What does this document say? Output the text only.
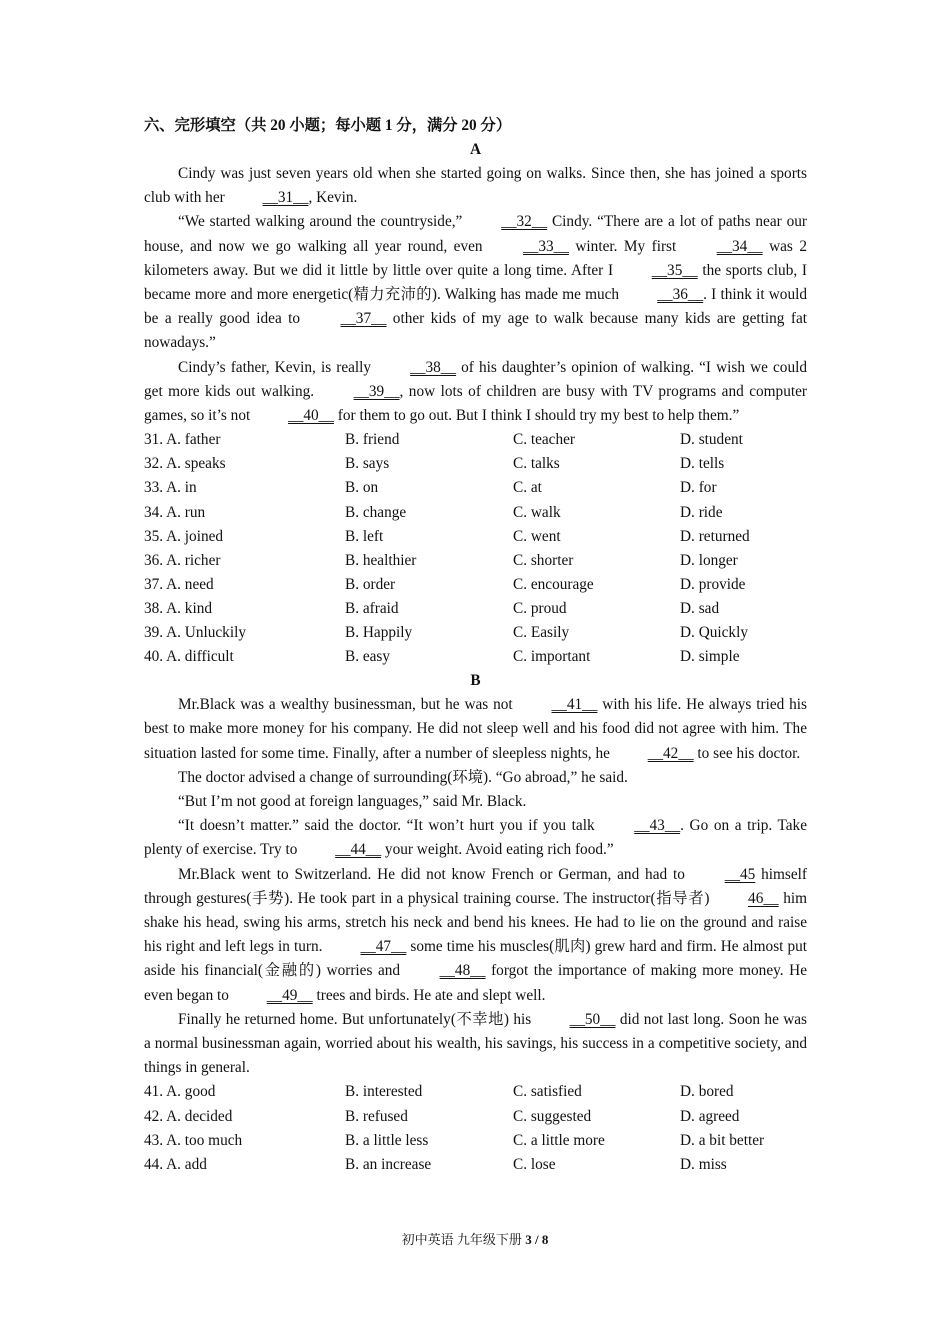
六、完形填空（共 20 小题；每小题 1 分，满分 20 分）

A

Cindy was just seven years old when she started going on walks. Since then, she has joined a sports club with her __31__, Kevin.

“We started walking around the countryside,” __32__ Cindy. “There are a lot of paths near our house, and now we go walking all year round, even __33__ winter. My first __34__ was 2 kilometers away. But we did it little by little over quite a long time. After I __35__ the sports club, I became more and more energetic(精力充沛的). Walking has made me much __36__. I think it would be a really good idea to __37__ other kids of my age to walk because many kids are getting fat nowadays.”

Cindy’s father, Kevin, is really __38__ of his daughter’s opinion of walking. “I wish we could get more kids out walking. __39__, now lots of children are busy with TV programs and computer games, so it’s not __40__ for them to go out. But I think I should try my best to help them.”

31. A. father	B. friend	C. teacher	D. student
32. A. speaks	B. says	C. talks	D. tells
33. A. in	B. on	C. at	D. for
34. A. run	B. change	C. walk	D. ride
35. A. joined	B. left	C. went	D. returned
36. A. richer	B. healthier	C. shorter	D. longer
37. A. need	B. order	C. encourage	D. provide
38. A. kind	B. afraid	C. proud	D. sad
39. A. Unluckily	B. Happily	C. Easily	D. Quickly
40. A. difficult	B. easy	C. important	D. simple

B

Mr.Black was a wealthy businessman, but he was not __41__ with his life. He always tried his best to make more money for his company. He did not sleep well and his food did not agree with him. The situation lasted for some time. Finally, after a number of sleepless nights, he __42__ to see his doctor.

The doctor advised a change of surrounding(环境). “Go abroad,” he said.

“But I’m not good at foreign languages,” said Mr. Black.

“It doesn’t matter.” said the doctor. “It won’t hurt you if you talk __43__. Go on a trip. Take plenty of exercise. Try to __44__ your weight. Avoid eating rich food.”

Mr.Black went to Switzerland. He did not know French or German, and had to __45 himself through gestures(手势). He took part in a physical training course. The instructor(指导者) 46__ him shake his head, swing his arms, stretch his neck and bend his knees. He had to lie on the ground and raise his right and left legs in turn. __47__ some time his muscles(肌肉) grew hard and firm. He almost put aside his financial(金融的) worries and __48__ forgot the importance of making more money. He even began to __49__ trees and birds. He ate and slept well.

Finally he returned home. But unfortunately(不幸地) his __50__ did not last long. Soon he was a normal businessman again, worried about his wealth, his savings, his success in a competitive society, and things in general.

41. A. good	B. interested	C. satisfied	D. bored
42. A. decided	B. refused	C. suggested	D. agreed
43. A. too much	B. a little less	C. a little more	D. a bit better
44. A. add	B. an increase	C. lose	D. miss
初中英语 九年级下册 3 / 8
